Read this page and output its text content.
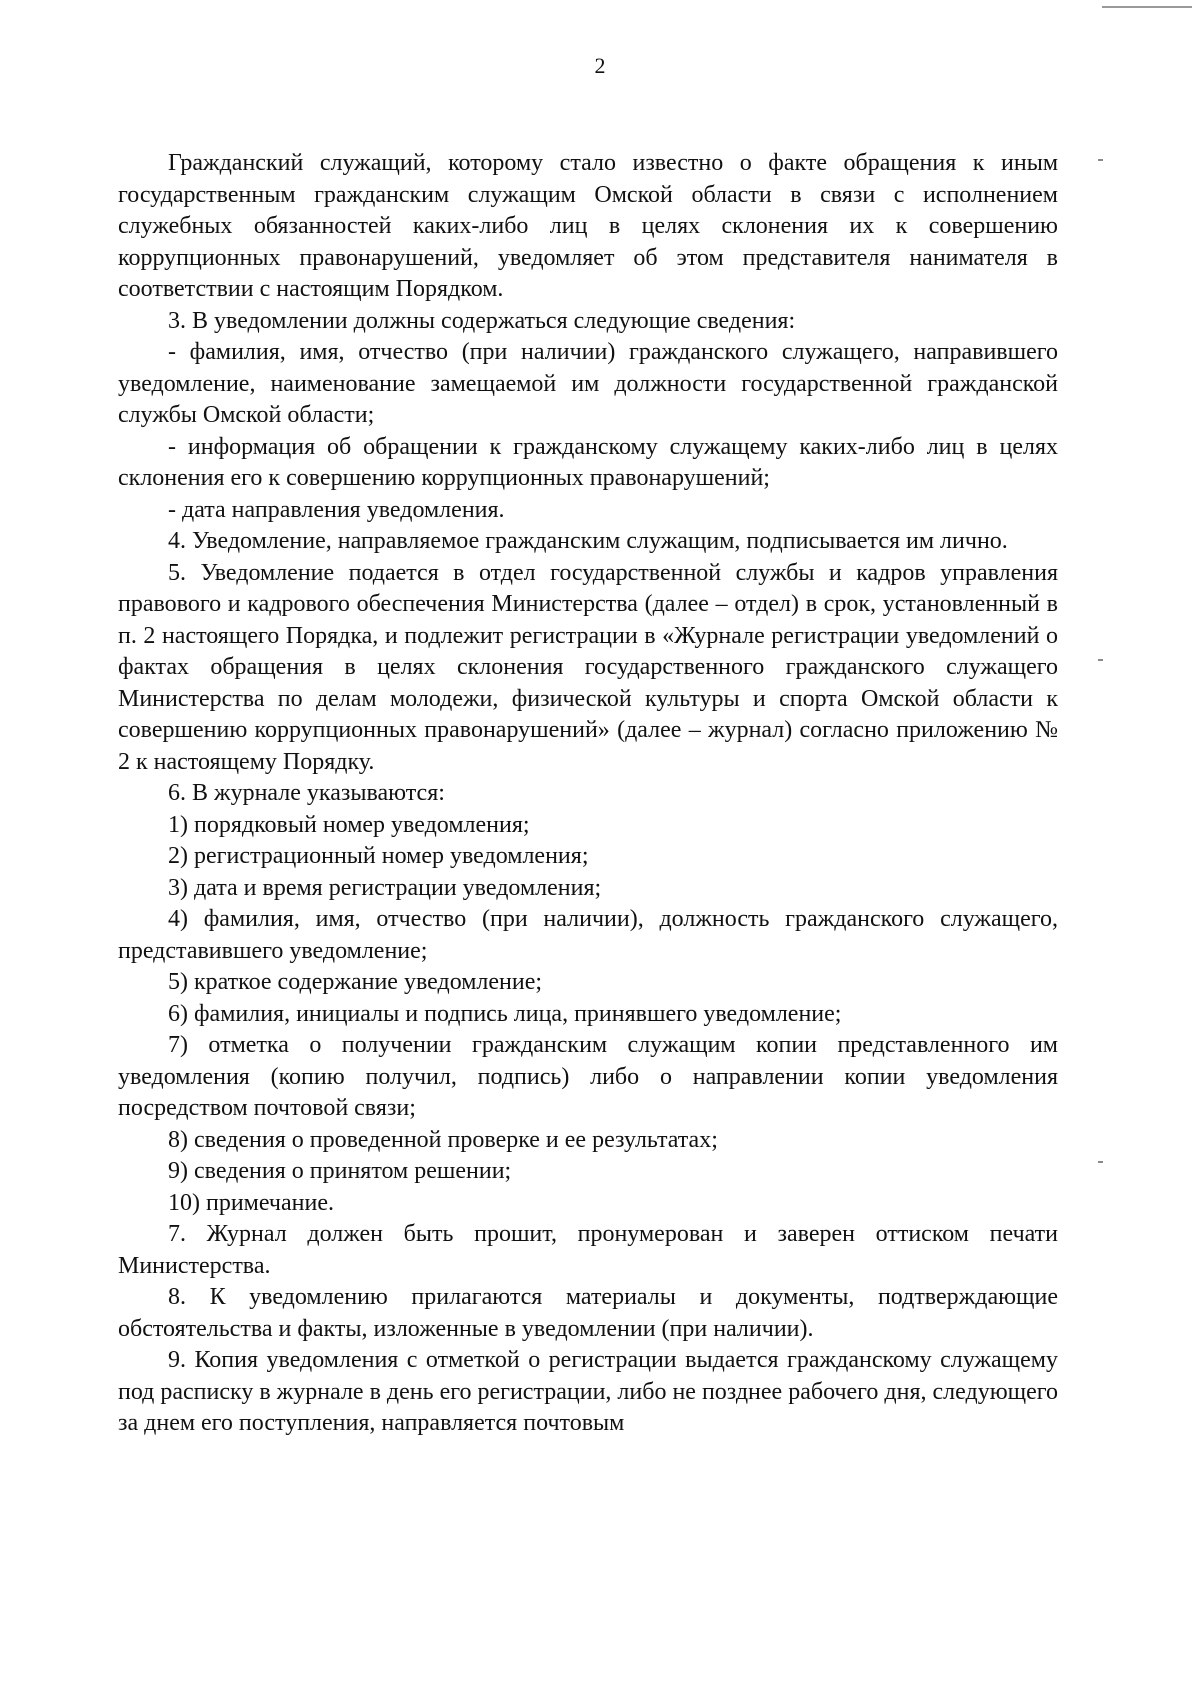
2

Гражданский служащий, которому стало известно о факте обращения к иным государственным гражданским служащим Омской области в связи с исполнением служебных обязанностей каких-либо лиц в целях склонения их к совершению коррупционных правонарушений, уведомляет об этом представителя нанимателя в соответствии с настоящим Порядком.

3. В уведомлении должны содержаться следующие сведения:

- фамилия, имя, отчество (при наличии) гражданского служащего, направившего уведомление, наименование замещаемой им должности государственной гражданской службы Омской области;

- информация об обращении к гражданскому служащему каких-либо лиц в целях склонения его к совершению коррупционных правонарушений;

- дата направления уведомления.

4. Уведомление, направляемое гражданским служащим, подписывается им лично.

5. Уведомление подается в отдел государственной службы и кадров управления правового и кадрового обеспечения Министерства (далее – отдел) в срок, установленный в п. 2 настоящего Порядка, и подлежит регистрации в «Журнале регистрации уведомлений о фактах обращения в целях склонения государственного гражданского служащего Министерства по делам молодежи, физической культуры и спорта Омской области к совершению коррупционных правонарушений» (далее – журнал) согласно приложению № 2 к настоящему Порядку.

6. В журнале указываются:

1) порядковый номер уведомления;

2) регистрационный номер уведомления;

3) дата и время регистрации уведомления;

4) фамилия, имя, отчество (при наличии), должность гражданского служащего, представившего уведомление;

5) краткое содержание уведомление;

6) фамилия, инициалы и подпись лица, принявшего уведомление;

7) отметка о получении гражданским служащим копии представленного им уведомления (копию получил, подпись) либо о направлении копии уведомления посредством почтовой связи;

8) сведения о проведенной проверке и ее результатах;

9) сведения о принятом решении;

10) примечание.

7. Журнал должен быть прошит, пронумерован и заверен оттиском печати Министерства.

8. К уведомлению прилагаются материалы и документы, подтверждающие обстоятельства и факты, изложенные в уведомлении (при наличии).

9. Копия уведомления с отметкой о регистрации выдается гражданскому служащему под расписку в журнале в день его регистрации, либо не позднее рабочего дня, следующего за днем его поступления, направляется почтовым
